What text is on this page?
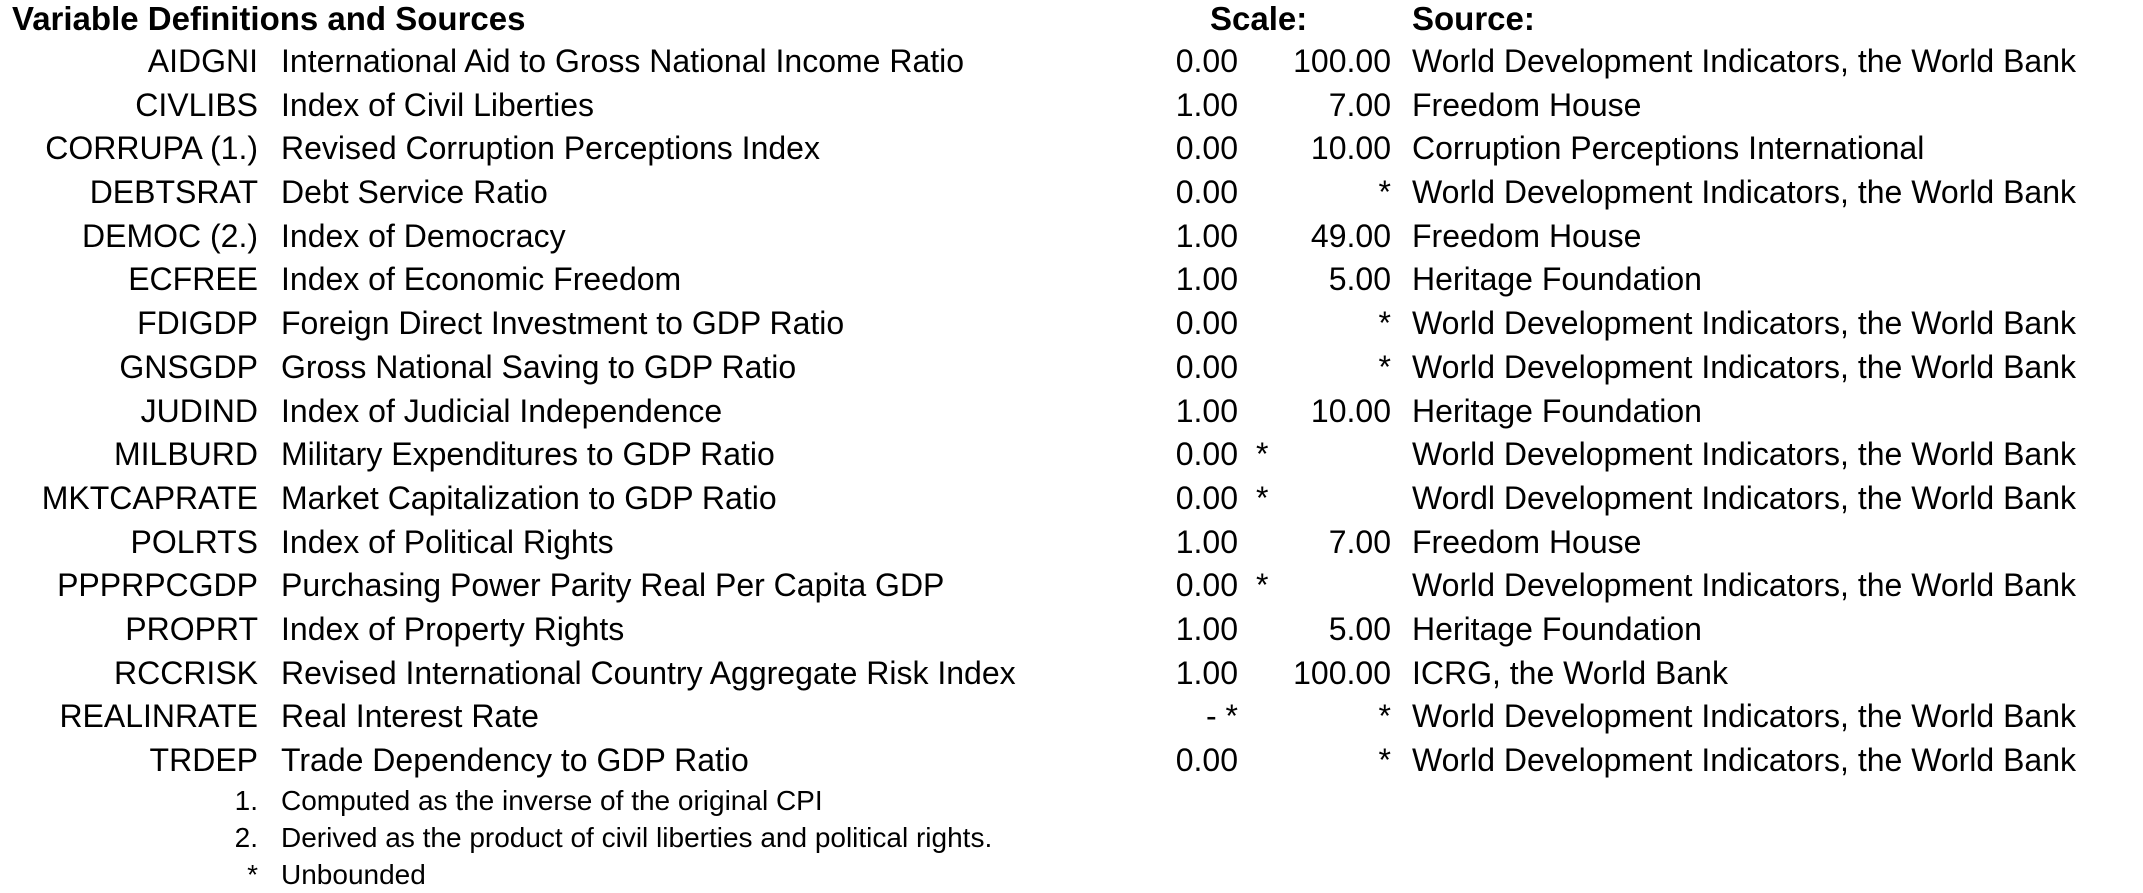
Variable Definitions and Sources	Scale:	Source:
AIDGNI International Aid to Gross National Income Ratio	0.00 100.00 World Development Indicators, the World Bank
CIVLIBS Index of Civil Liberties	1.00	7.00 Freedom House
CORRUPA (1.) Revised Corruption Perceptions Index	0.00 10.00 Corruption Perceptions International
DEBTSRAT Debt Service Ratio	0.00	* World Development Indicators, the World Bank
DEMOC (2.) Index of Democracy	1.00 49.00 Freedom House
ECFREE Index of Economic Freedom	1.00	5.00 Heritage Foundation
FDIGDP Foreign Direct Investment to GDP Ratio	0.00	* World Development Indicators, the World Bank
GNSGDP Gross National Saving to GDP Ratio	0.00	* World Development Indicators, the World Bank
JUDIND Index of Judicial Independence	1.00 10.00 Heritage Foundation
MILBURD Military Expenditures to GDP Ratio	0.00 *	World Development Indicators, the World Bank
MKTCAPRATE Market Capitalization to GDP Ratio	0.00 *	Wordl Development Indicators, the World Bank
POLRTS Index of Political Rights	1.00	7.00 Freedom House
PPPRPCGDP Purchasing Power Parity Real Per Capita GDP	0.00 *	World Development Indicators, the World Bank
PROPRT Index of Property Rights	1.00	5.00 Heritage Foundation
RCCRISK Revised International Country Aggregate Risk Index	1.00 100.00 ICRG, the World Bank
REALINRATE Real Interest Rate	- *	* World Development Indicators, the World Bank
TRDEP Trade Dependency to GDP Ratio	0.00	* World Development Indicators, the World Bank
1. Computed as the inverse of the original CPI
2. Derived as the product of civil liberties and political rights.
* Unbounded
